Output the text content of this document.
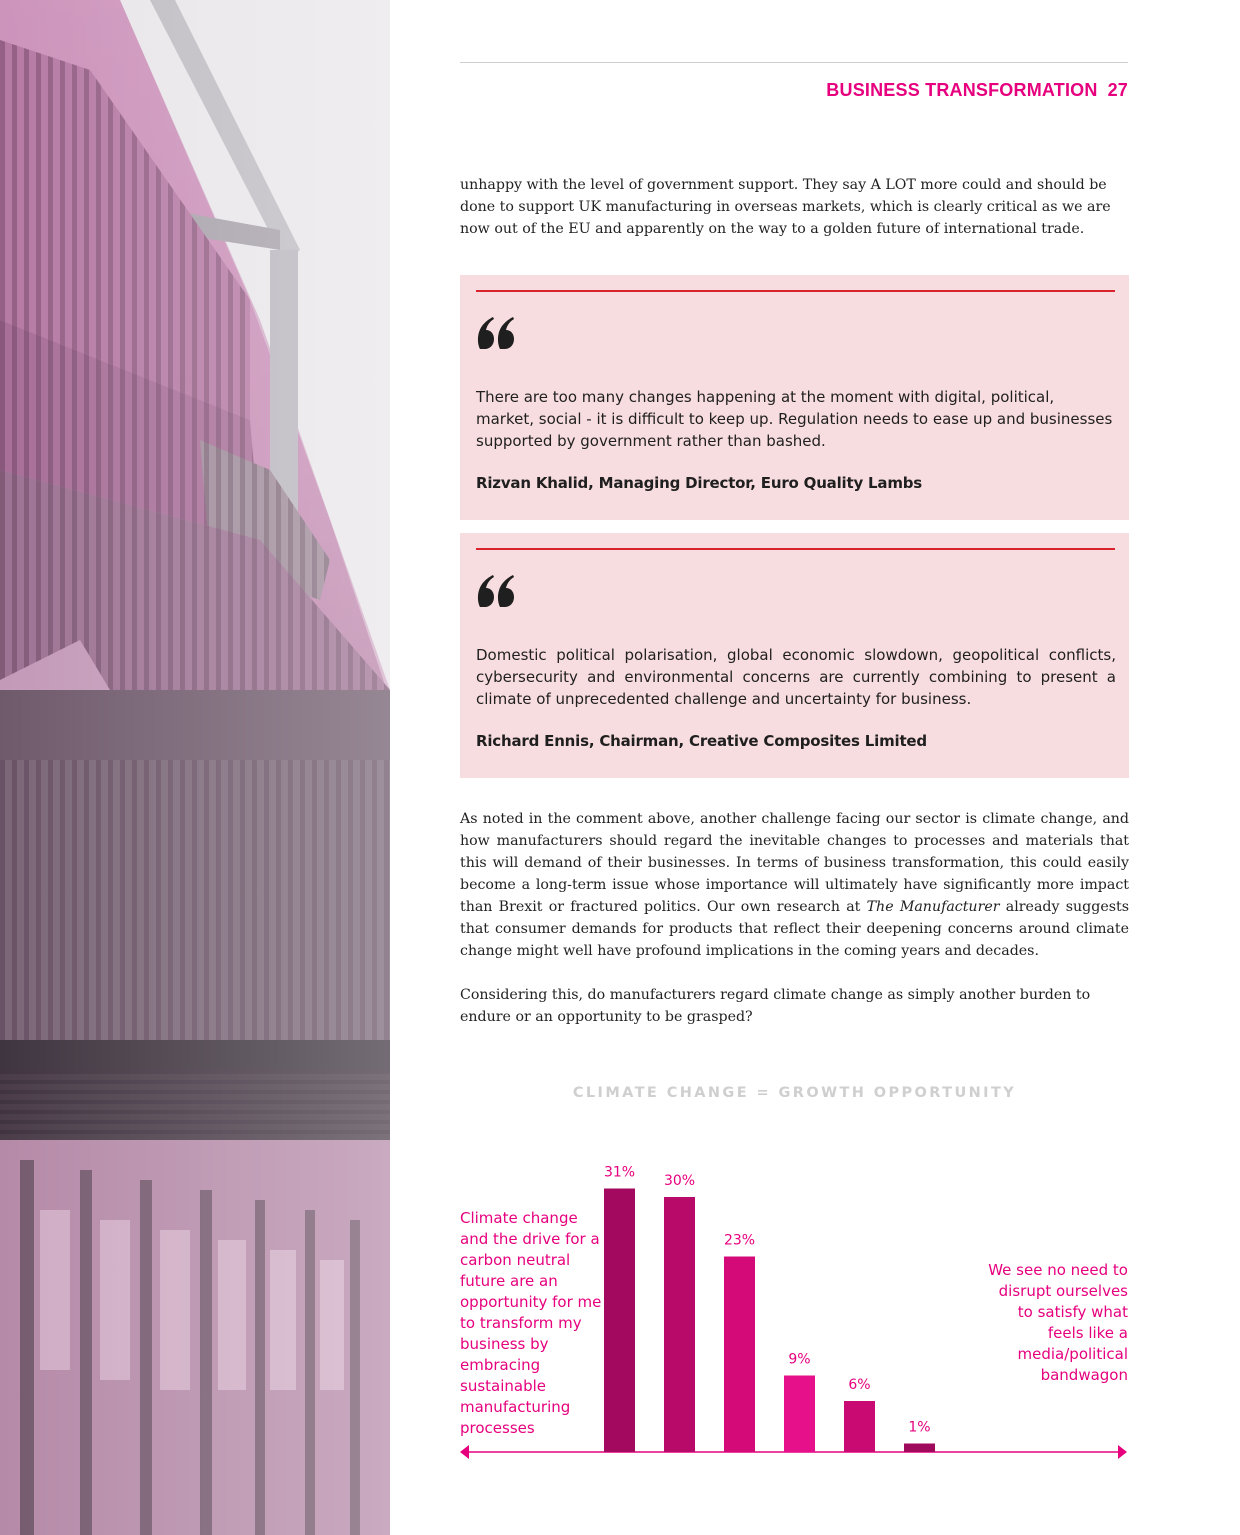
BUSINESS TRANSFORMATION 27

unhappy with the level of government support. They say A LOT more could and should be done to support UK manufacturing in overseas markets, which is clearly critical as we are now out of the EU and apparently on the way to a golden future of international trade.

There are too many changes happening at the moment with digital, political, market, social - it is difficult to keep up. Regulation needs to ease up and businesses supported by government rather than bashed.

Rizvan Khalid, Managing Director, Euro Quality Lambs

Domestic political polarisation, global economic slowdown, geopolitical conflicts, cybersecurity and environmental concerns are currently combining to present a climate of unprecedented challenge and uncertainty for business.

Richard Ennis, Chairman, Creative Composites Limited

As noted in the comment above, another challenge facing our sector is climate change, and how manufacturers should regard the inevitable changes to processes and materials that this will demand of their businesses. In terms of business transformation, this could easily become a long-term issue whose importance will ultimately have significantly more impact than Brexit or fractured politics. Our own research at The Manufacturer already suggests that consumer demands for products that reflect their deepening concerns around climate change might well have profound implications in the coming years and decades.

Considering this, do manufacturers regard climate change as simply another burden to endure or an opportunity to be grasped?

CLIMATE CHANGE = GROWTH OPPORTUNITY

Climate change and the drive for a carbon neutral future are an opportunity for me to transform my business by embracing sustainable manufacturing processes

We see no need to disrupt ourselves to satisfy what feels like a media/political bandwagon

31%
30%
23%
9%
6%
1%
